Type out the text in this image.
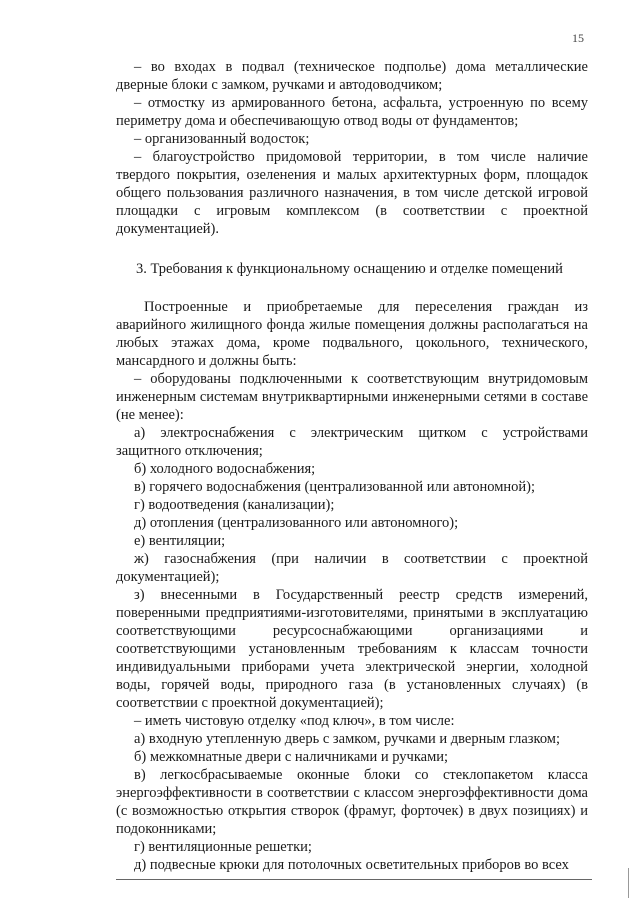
15

– во входах в подвал (техническое подполье) дома металлические дверные блоки с замком, ручками и автодоводчиком;

– отмостку из армированного бетона, асфальта, устроенную по всему периметру дома и обеспечивающую отвод воды от фундаментов;

– организованный водосток;

– благоустройство придомовой территории, в том числе наличие твердого покрытия, озеленения и малых архитектурных форм, площадок общего пользования различного назначения, в том числе детской игровой площадки с игровым комплексом (в соответствии с проектной документацией).

3. Требования к функциональному оснащению и отделке помещений

Построенные и приобретаемые для переселения граждан из аварийного жилищного фонда жилые помещения должны располагаться на любых этажах дома, кроме подвального, цокольного, технического, мансардного и должны быть:

– оборудованы подключенными к соответствующим внутридомовым инженерным системам внутриквартирными инженерными сетями в составе (не менее):

а) электроснабжения с электрическим щитком с устройствами защитного отключения;

б) холодного водоснабжения;

в) горячего водоснабжения (централизованной или автономной);

г) водоотведения (канализации);

д) отопления (централизованного или автономного);

е) вентиляции;

ж) газоснабжения (при наличии в соответствии с проектной документацией);

з) внесенными в Государственный реестр средств измерений, поверенными предприятиями-изготовителями, принятыми в эксплуатацию соответствующими ресурсоснабжающими организациями и соответствующими установленным требованиям к классам точности индивидуальными приборами учета электрической энергии, холодной воды, горячей воды, природного газа (в установленных случаях) (в соответствии с проектной документацией);

– иметь чистовую отделку «под ключ», в том числе:

а) входную утепленную дверь с замком, ручками и дверным глазком;

б) межкомнатные двери с наличниками и ручками;

в) легкосбрасываемые оконные блоки со стеклопакетом класса энергоэффективности в соответствии с классом энергоэффективности дома (с возможностью открытия створок (фрамуг, форточек) в двух позициях) и подоконниками;

г) вентиляционные решетки;

д) подвесные крюки для потолочных осветительных приборов во всех
